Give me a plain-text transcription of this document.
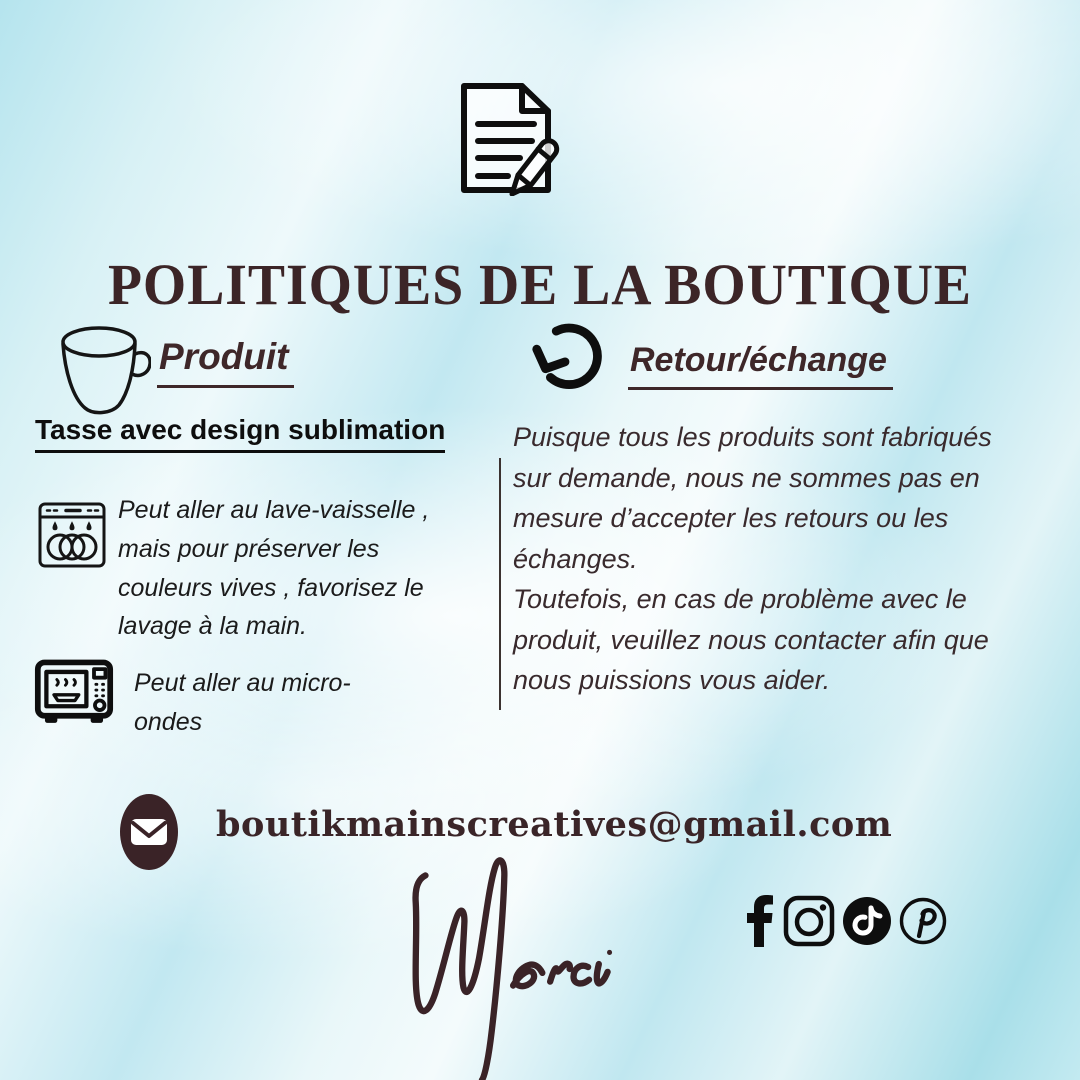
POLITIQUES DE LA BOUTIQUE
Produit
Tasse avec design sublimation

Peut aller au lave-vaisselle , mais pour préserver les couleurs vives , favorisez le lavage à la main.

Peut aller au micro-ondes

Retour/échange

Puisque tous les produits sont fabriqués sur demande, nous ne sommes pas en mesure d’accepter les retours ou les échanges.

Toutefois, en cas de problème avec le produit, veuillez nous contacter afin que nous puissions vous aider.

boutikmainscreatives@gmail.com
